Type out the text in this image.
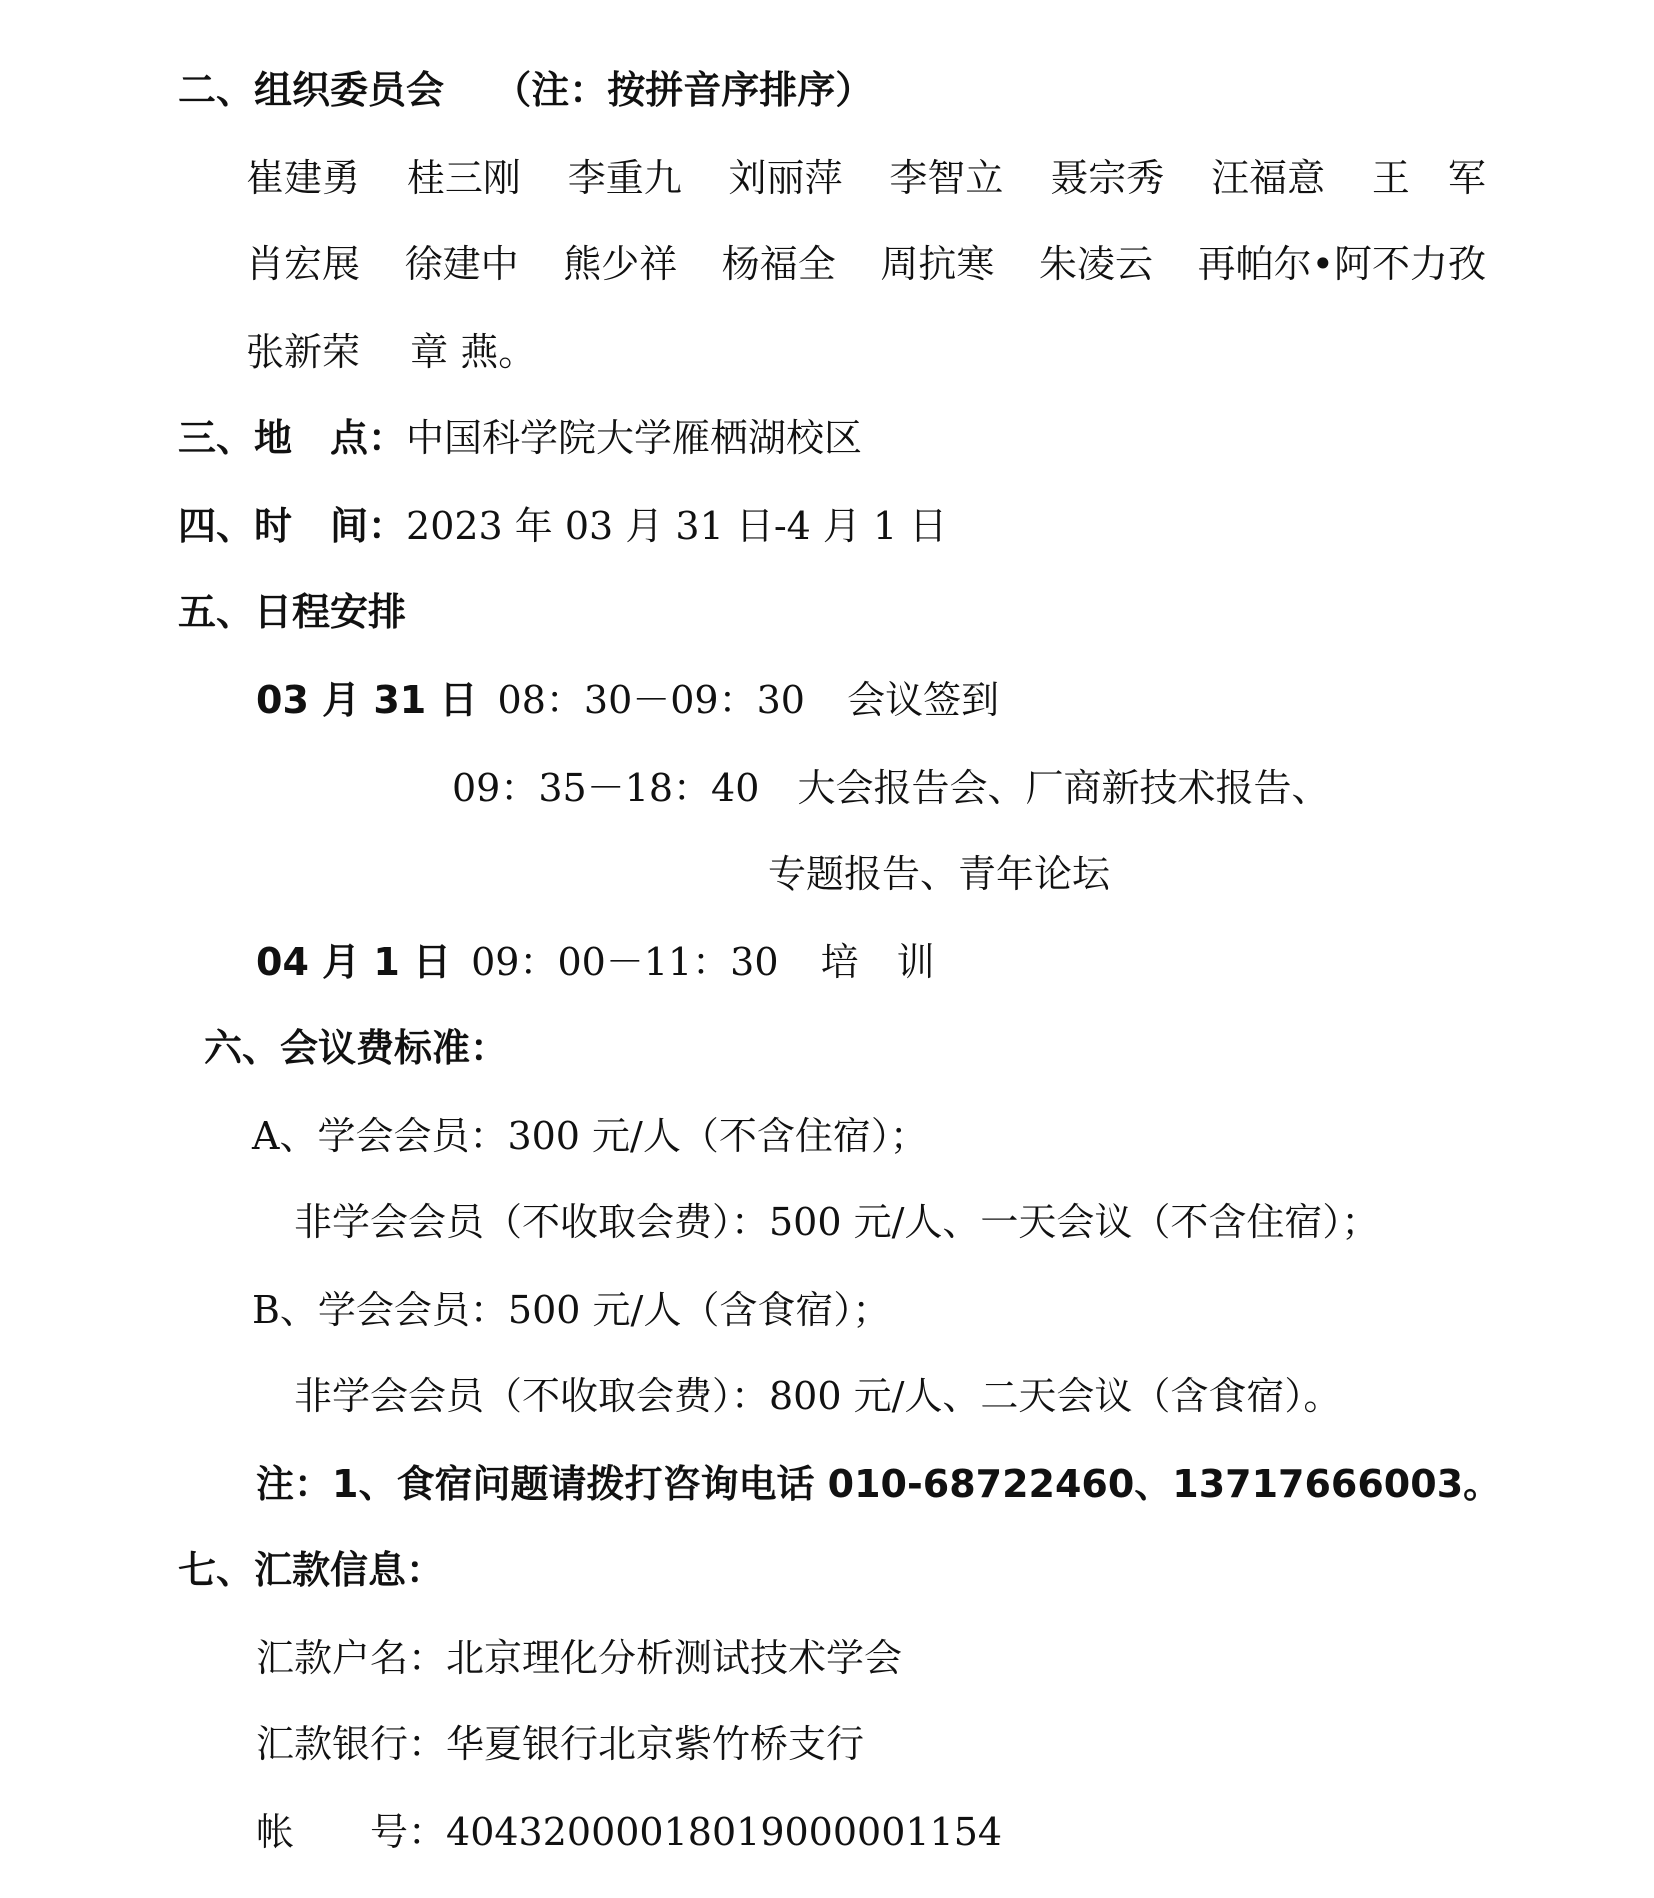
二、组织委员会 （注：按拼音序排序）
崔建勇 桂三刚 李重九 刘丽萍 李智立 聂宗秀 汪福意 王　军
肖宏展 徐建中 熊少祥 杨福全 周抗寒 朱凌云 再帕尔•阿不力孜
张新荣 章 燕。
三、地　点：中国科学院大学雁栖湖校区
四、时　间：2023 年 03 月 31 日-4 月 1 日
五、日程安排
03 月 31 日 08：30－09：30 会议签到
09：35－18：40 大会报告会、厂商新技术报告、
专题报告、青年论坛
04 月 1 日 09：00－11：30 培　训
六、会议费标准：
A、学会会员：300 元/人（不含住宿）；
非学会会员（不收取会费）：500 元/人、一天会议（不含住宿）；
B、学会会员：500 元/人（含食宿）；
非学会会员（不收取会费）：800 元/人、二天会议（含食宿）。
注：1、食宿问题请拨打咨询电话 010-68722460、13717666003。
七、汇款信息：
汇款户名：北京理化分析测试技术学会
汇款银行：华夏银行北京紫竹桥支行
帐　　号：40432000018019000001154
